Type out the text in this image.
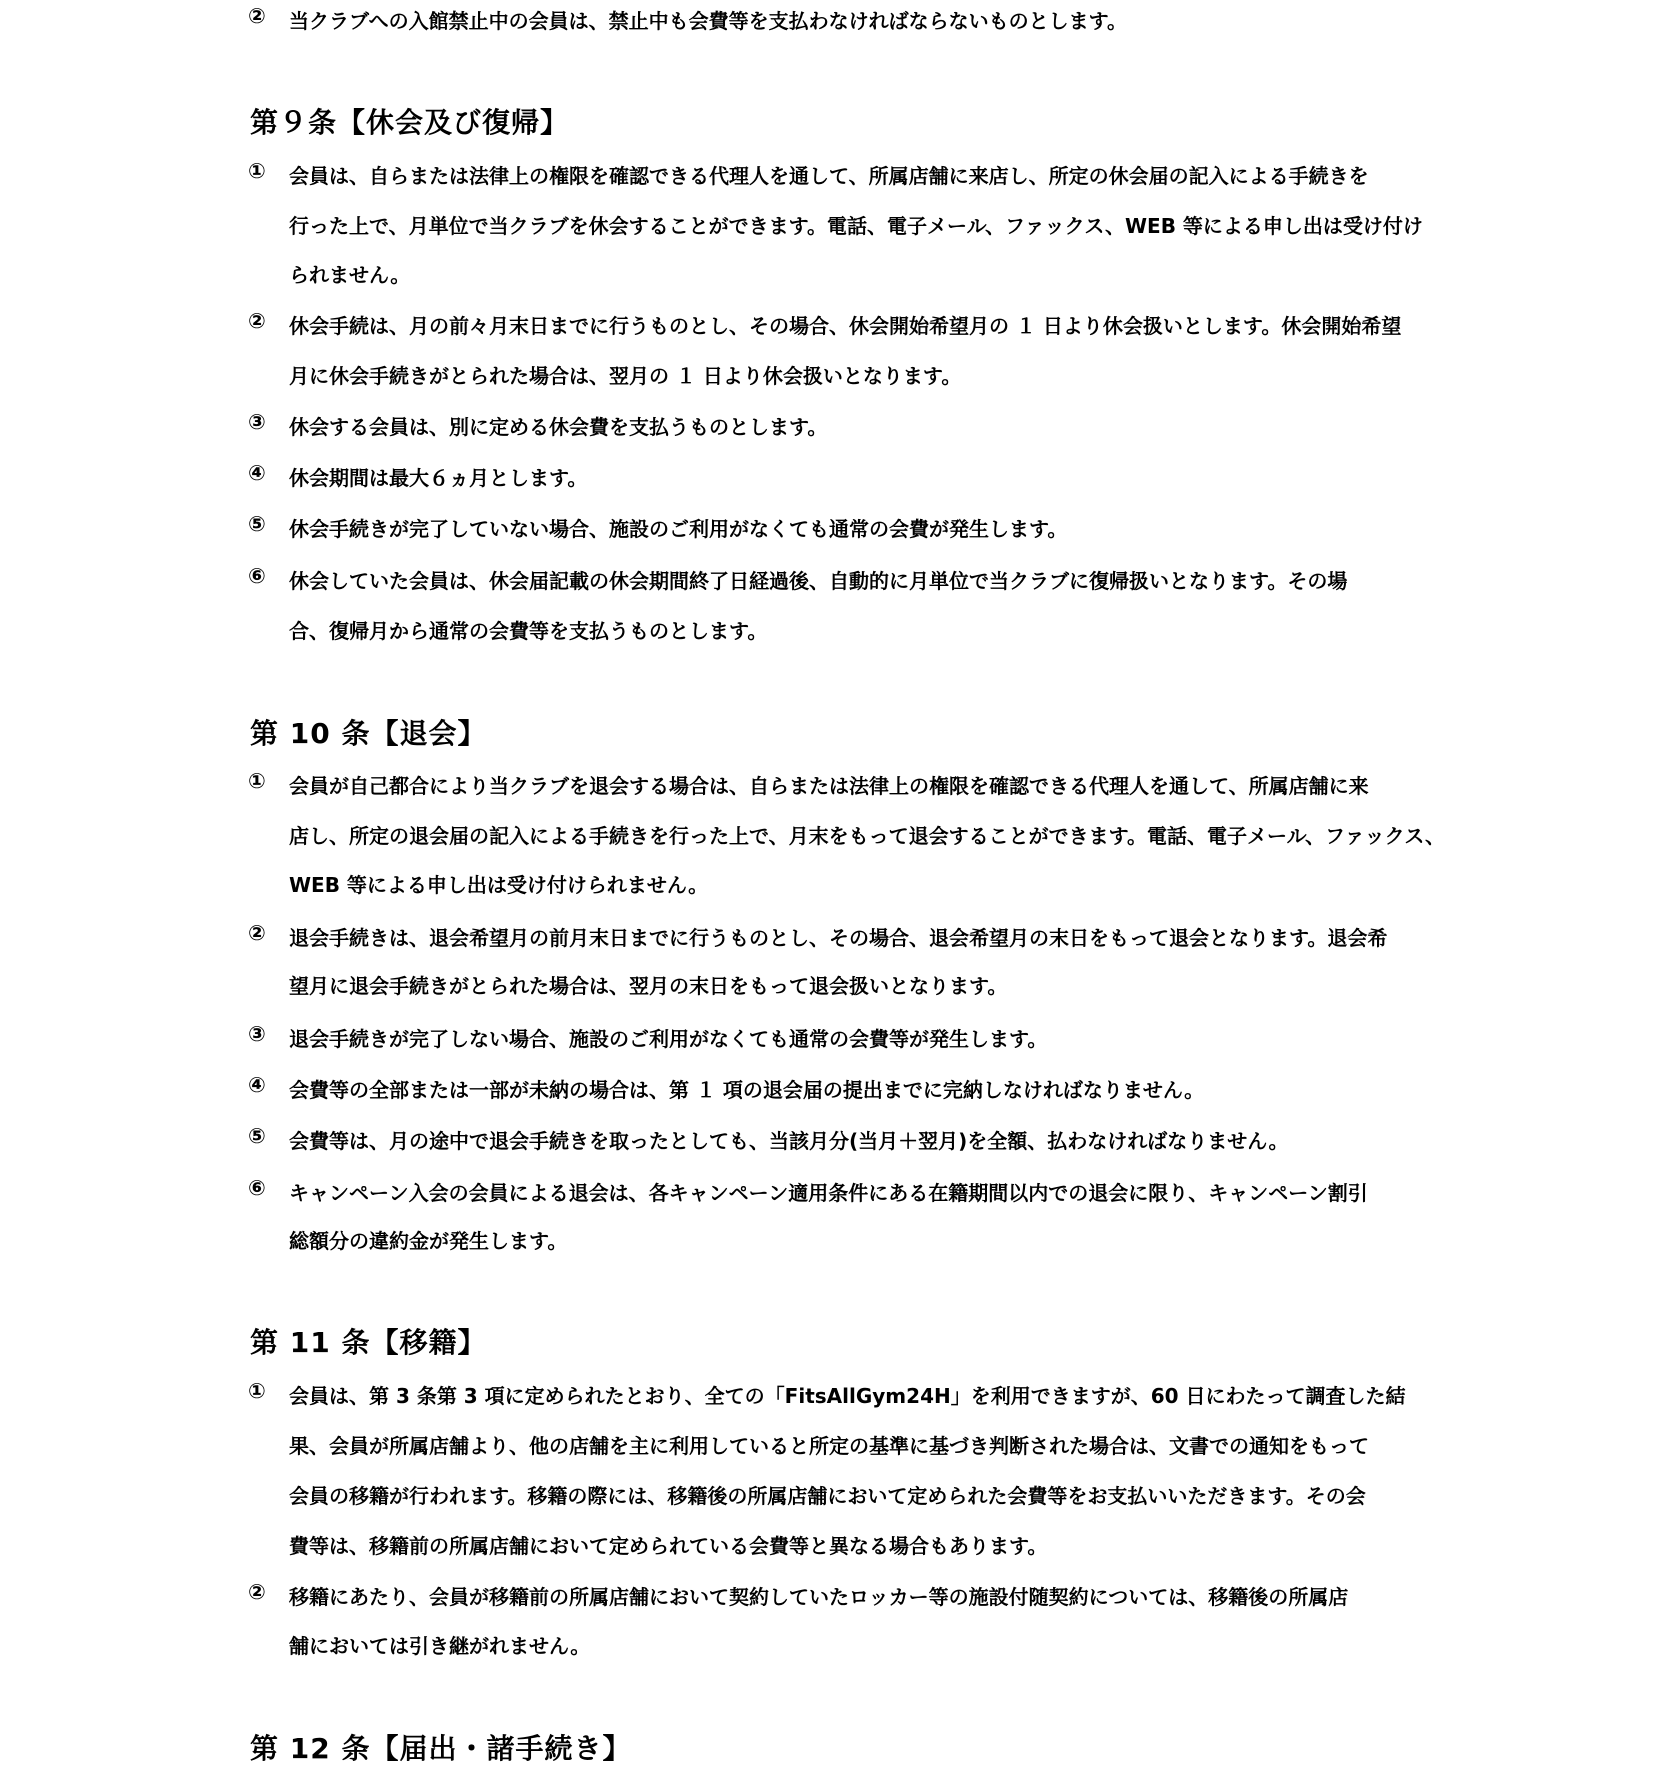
② 当クラブへの入館禁止中の会員は、禁止中も会費等を支払わなければならないものとします。
第９条【休会及び復帰】
① 会員は、自らまたは法律上の権限を確認できる代理人を通して、所属店舗に来店し、所定の休会届の記入による手続きを
行った上で、月単位で当クラブを休会することができます。電話、電子メール、ファックス、WEB 等による申し出は受け付け
られません。
② 休会手続は、月の前々月末日までに行うものとし、その場合、休会開始希望月の １ 日より休会扱いとします。休会開始希望
月に休会手続きがとられた場合は、翌月の １ 日より休会扱いとなります。
③ 休会する会員は、別に定める休会費を支払うものとします。
④ 休会期間は最大６ヵ月とします。
⑤ 休会手続きが完了していない場合、施設のご利用がなくても通常の会費が発生します。
⑥ 休会していた会員は、休会届記載の休会期間終了日経過後、自動的に月単位で当クラブに復帰扱いとなります。その場
合、復帰月から通常の会費等を支払うものとします。
第 10 条【退会】
① 会員が自己都合により当クラブを退会する場合は、自らまたは法律上の権限を確認できる代理人を通して、所属店舗に来
店し、所定の退会届の記入による手続きを行った上で、月末をもって退会することができます。電話、電子メール、ファックス、
WEB 等による申し出は受け付けられません。
② 退会手続きは、退会希望月の前月末日までに行うものとし、その場合、退会希望月の末日をもって退会となります。退会希
望月に退会手続きがとられた場合は、翌月の末日をもって退会扱いとなります。
③ 退会手続きが完了しない場合、施設のご利用がなくても通常の会費等が発生します。
④ 会費等の全部または一部が未納の場合は、第 １ 項の退会届の提出までに完納しなければなりません。
⑤ 会費等は、月の途中で退会手続きを取ったとしても、当該月分(当月＋翌月)を全額、払わなければなりません。
⑥ キャンペーン入会の会員による退会は、各キャンペーン適用条件にある在籍期間以内での退会に限り、キャンペーン割引
総額分の違約金が発生します。
第 11 条【移籍】
① 会員は、第 3 条第 3 項に定められたとおり、全ての「FitsAllGym24H」を利用できますが、60 日にわたって調査した結
果、会員が所属店舗より、他の店舗を主に利用していると所定の基準に基づき判断された場合は、文書での通知をもって
会員の移籍が行われます。移籍の際には、移籍後の所属店舗において定められた会費等をお支払いいただきます。その会
費等は、移籍前の所属店舗において定められている会費等と異なる場合もあります。
② 移籍にあたり、会員が移籍前の所属店舗において契約していたロッカー等の施設付随契約については、移籍後の所属店
舗においては引き継がれません。
第 12 条【届出・諸手続き】
